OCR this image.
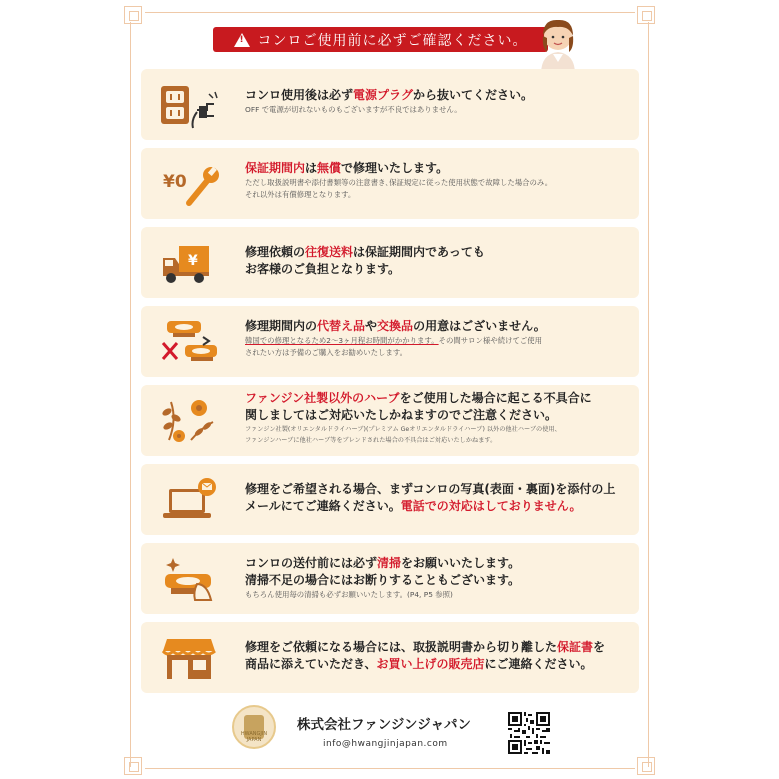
!
コンロご使用前に必ずご確認ください。
コンロ使用後は必ず電源プラグから抜いてください。
OFF で電源が切れないものもございますが不良ではありません。
¥0
保証期間内は無償で修理いたします。
ただし取扱説明書や添付書類等の注意書き､保証規定に従った使用状態で故障した場合のみ。
それ以外は有償修理となります。
¥
修理依頼の往復送料は保証期間内であっても
お客様のご負担となります。
修理期間内の代替え品や交換品の用意はございません。
韓国での修理となるため2〜3ヶ月程お時間がかかります。その間サロン様や続けてご使用
されたい方は予備のご購入をお勧めいたします。
ファンジン社製以外のハーブをご使用した場合に起こる不具合に
関しましてはご対応いたしかねますのでご注意ください。
ファンジン社製(オリエンタルドライハーブ)(プレミアム Geオリエンタルドライハーブ) 以外の他社ハーブの使用、
ファンジンハーブに他社ハーブ等をブレンドされた場合の不具合はご対応いたしかねます。
修理をご希望される場合、まずコンロの写真(表面・裏面)を添付の上
メールにてご連絡ください。電話での対応はしておりません。
コンロの送付前には必ず清掃をお願いいたします。
清掃不足の場合にはお断りすることもございます。
もちろん使用毎の清掃も必ずお願いいたします。(P4, P5 参照)
修理をご依頼になる場合には、取扱説明書から切り離した保証書を
商品に添えていただき、お買い上げの販売店にご連絡ください。
HWANGJIN JAPAN
株式会社ファンジンジャパン
info@hwangjinjapan.com
